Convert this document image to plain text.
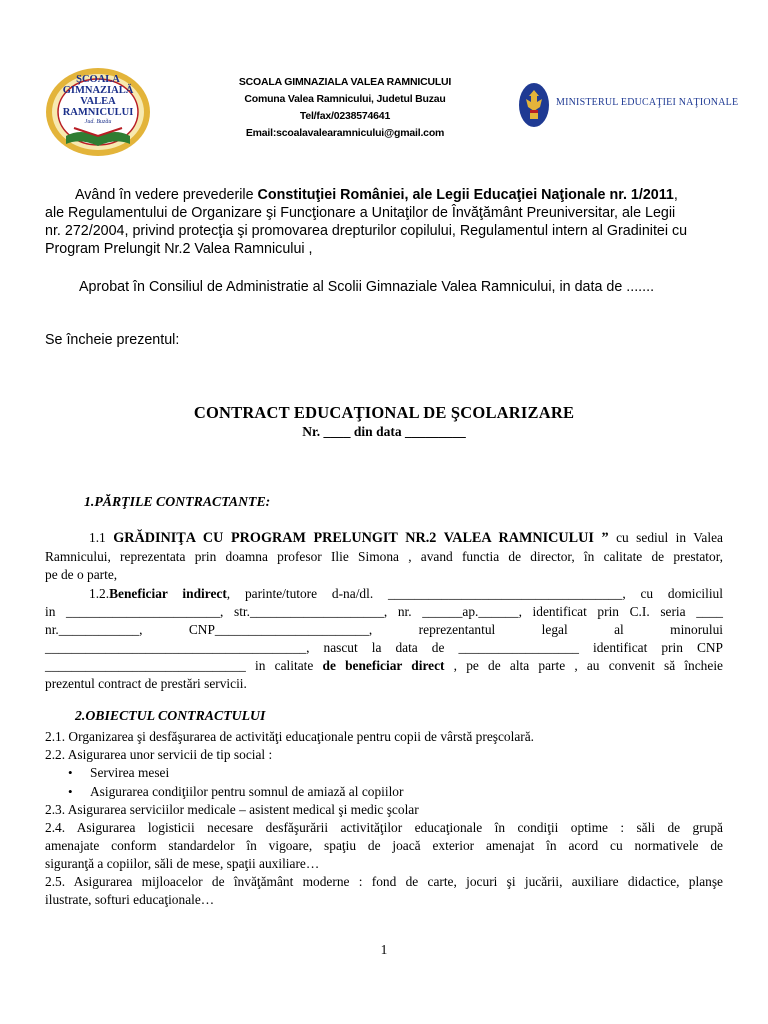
ŞCOALA
GIMNAZIALĂ
VALEA
RAMNICULUI
Jud. Buzău
SCOALA GIMNAZIALA VALEA RAMNICULUI
Comuna Valea Ramnicului, Judetul Buzau
Tel/fax/0238574641
Email:scoalavalearamnicului@gmail.com
MINISTERUL EDUCAŢIEI NAŢIONALE
Având în vedere prevederile Constituţiei României, ale Legii Educaţiei Naţionale nr. 1/2011,
ale Regulamentului de Organizare şi Funcţionare a Unitaţilor de Învăţământ Preuniversitar, ale Legii
nr. 272/2004, privind protecţia şi promovarea drepturilor copilului, Regulamentul intern al Gradinitei cu
Program Prelungit Nr.2 Valea Ramnicului ,
Aprobat în Consiliul de Administratie al Scolii Gimnaziale Valea Ramnicului, in data de .......
Se încheie prezentul:
CONTRACT EDUCAŢIONAL DE ŞCOLARIZARE
Nr. ____ din data _________
1.PĂRŢILE CONTRACTANTE:
1.1 GRĂDINIŢA CU PROGRAM PRELUNGIT NR.2 VALEA RAMNICULUI ” cu sediul in Valea
Ramnicului, reprezentata prin doamna profesor Ilie Simona , avand functia de director, în calitate de prestator,
pe de o parte,
1.2.Beneficiar indirect, parinte/tutore d-na/dl. ___________________________________, cu domiciliul
in _______________________, str.____________________, nr. ______ap.______, identificat prin C.I. seria ____
nr.____________, CNP_______________________, reprezentantul legal al minorului
_______________________________________, nascut la data de __________________ identificat prin CNP
______________________________ in calitate de beneficiar direct , pe de alta parte , au convenit să încheie
prezentul contract de prestări servicii.
2.OBIECTUL CONTRACTULUI
2.1. Organizarea şi desfăşurarea de activităţi educaţionale pentru copii de vârstă preşcolară.
2.2. Asigurarea unor servicii de tip social :
• Servirea mesei
• Asigurarea condiţiilor pentru somnul de amiază al copiilor
2.3. Asigurarea serviciilor medicale – asistent medical şi medic şcolar
2.4. Asigurarea logisticii necesare desfăşurării activităţilor educaţionale în condiţii optime : săli de grupă
amenajate conform standardelor în vigoare, spaţiu de joacă exterior amenajat în acord cu normativele de
siguranţă a copiilor, săli de mese, spaţii auxiliare…
2.5. Asigurarea mijloacelor de învăţământ moderne : fond de carte, jocuri şi jucării, auxiliare didactice, planşe
ilustrate, softuri educaţionale…
1
